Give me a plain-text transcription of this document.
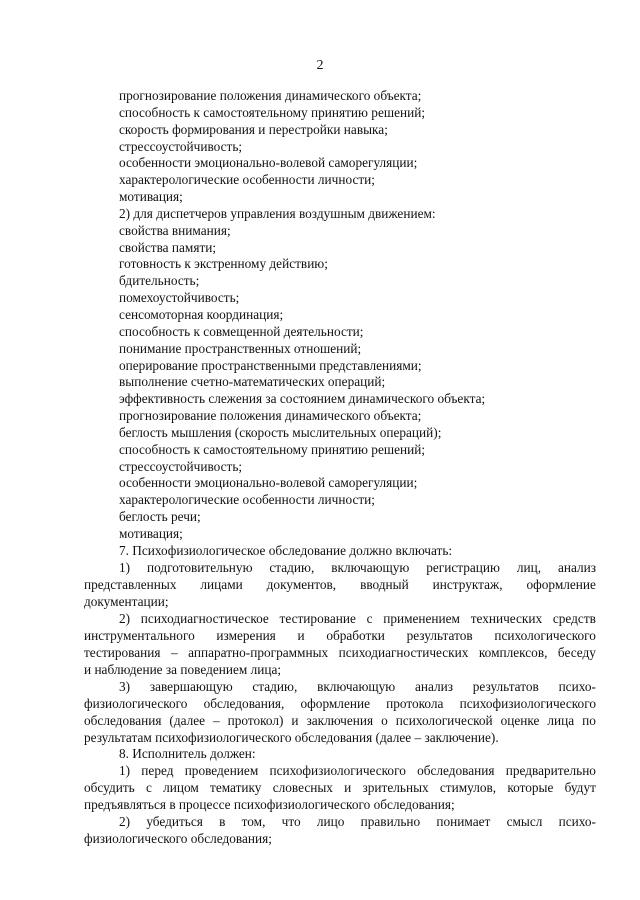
2
прогнозирование положения динамического объекта;
способность к самостоятельному принятию решений;
скорость формирования и перестройки навыка;
стрессоустойчивость;
особенности эмоционально-волевой саморегуляции;
характерологические особенности личности;
мотивация;
2) для диспетчеров управления воздушным движением:
свойства внимания;
свойства памяти;
готовность к экстренному действию;
бдительность;
помехоустойчивость;
сенсомоторная координация;
способность к совмещенной деятельности;
понимание пространственных отношений;
оперирование пространственными представлениями;
выполнение счетно-математических операций;
эффективность слежения за состоянием динамического объекта;
прогнозирование положения динамического объекта;
беглость мышления (скорость мыслительных операций);
способность к самостоятельному принятию решений;
стрессоустойчивость;
особенности эмоционально-волевой саморегуляции;
характерологические особенности личности;
беглость речи;
мотивация;
7. Психофизиологическое обследование должно включать:
1) подготовительную стадию, включающую регистрацию лиц, анализ
представленных лицами документов, вводный инструктаж, оформление
документации;
2) психодиагностическое тестирование с применением технических средств
инструментального измерения и обработки результатов психологического
тестирования – аппаратно-программных психодиагностических комплексов, беседу
и наблюдение за поведением лица;
3) завершающую стадию, включающую анализ результатов психо-
физиологического обследования, оформление протокола психофизиологического
обследования (далее – протокол) и заключения о психологической оценке лица по
результатам психофизиологического обследования (далее – заключение).
8. Исполнитель должен:
1) перед проведением психофизиологического обследования предварительно
обсудить с лицом тематику словесных и зрительных стимулов, которые будут
предъявляться в процессе психофизиологического обследования;
2) убедиться в том, что лицо правильно понимает смысл психо-
физиологического обследования;
